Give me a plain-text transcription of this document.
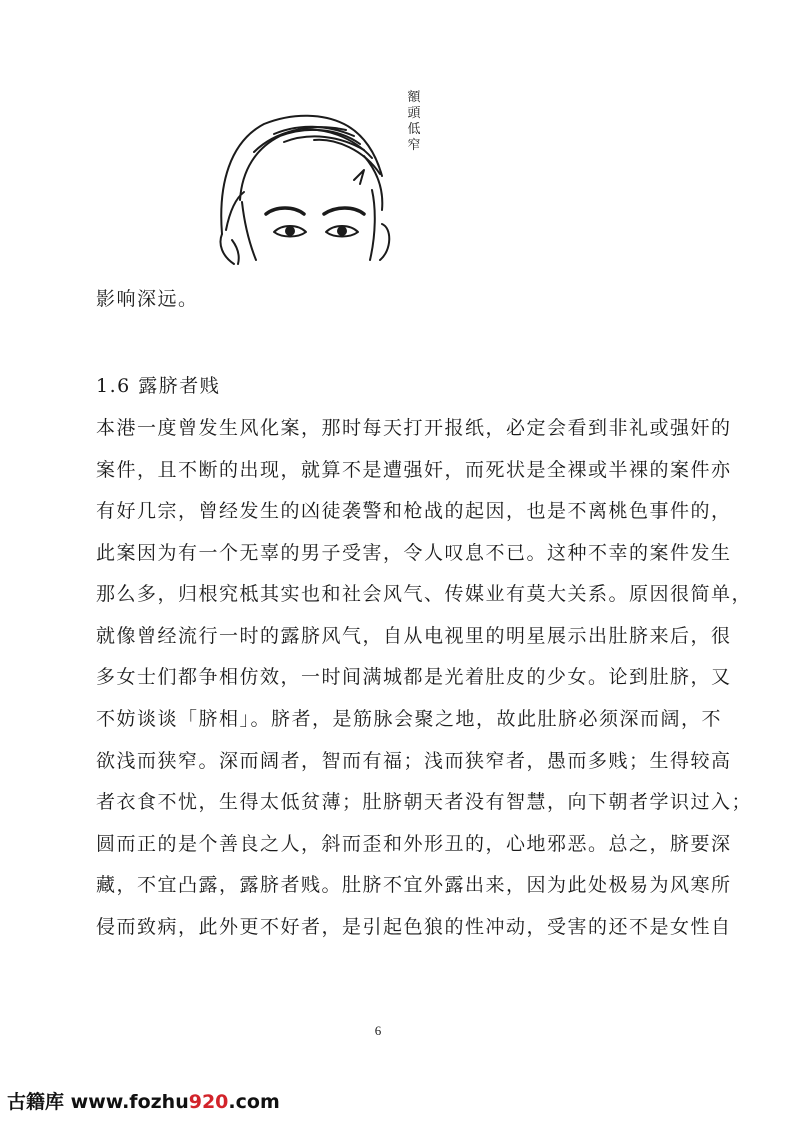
額
頭
低
窄
影响深远。
1.6 露脐者贱
本港一度曾发生风化案，那时每天打开报纸，必定会看到非礼或强奸的
案件，且不断的出现，就算不是遭强奸，而死状是全裸或半裸的案件亦
有好几宗，曾经发生的凶徒袭警和枪战的起因，也是不离桃色事件的，
此案因为有一个无辜的男子受害，令人叹息不已。这种不幸的案件发生
那么多，归根究柢其实也和社会风气、传媒业有莫大关系。原因很简单，
就像曾经流行一时的露脐风气，自从电视里的明星展示出肚脐来后，很
多女士们都争相仿效，一时间满城都是光着肚皮的少女。论到肚脐，又
不妨谈谈「脐相」。脐者，是筋脉会聚之地，故此肚脐必须深而阔，不
欲浅而狭窄。深而阔者，智而有福；浅而狭窄者，愚而多贱；生得较高
者衣食不忧，生得太低贫薄；肚脐朝天者没有智慧，向下朝者学识过入；
圆而正的是个善良之人，斜而歪和外形丑的，心地邪恶。总之，脐要深
藏，不宜凸露，露脐者贱。肚脐不宜外露出来，因为此处极易为风寒所
侵而致病，此外更不好者，是引起色狼的性冲动，受害的还不是女性自
6
古籍库 www.fozhu920.com
